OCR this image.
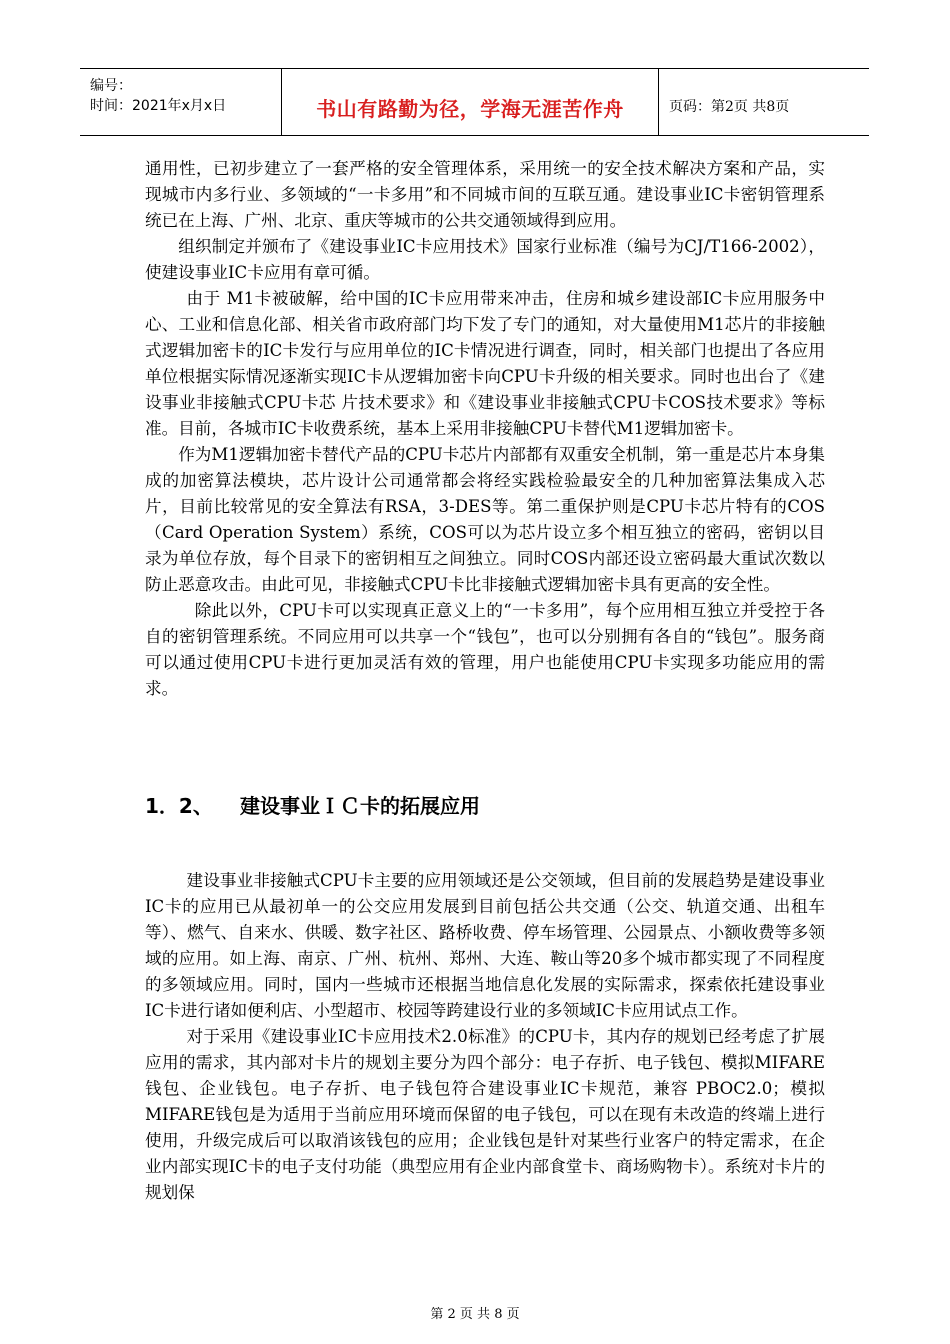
编号：
时间：2021年x月x日	书山有路勤为径，学海无涯苦作舟	页码：第2页 共8页

通用性，已初步建立了一套严格的安全管理体系，采用统一的安全技术解决方案和产品，实现城市内多行业、多领域的“一卡多用”和不同城市间的互联互通。建设事业IC卡密钥管理系统已在上海、广州、北京、重庆等城市的公共交通领域得到应用。

组织制定并颁布了《建设事业IC卡应用技术》国家行业标准（编号为CJ/T166-2002），使建设事业IC卡应用有章可循。

由于 M1卡被破解，给中国的IC卡应用带来冲击，住房和城乡建设部IC卡应用服务中心、工业和信息化部、相关省市政府部门均下发了专门的通知，对大量使用M1芯片的非接触式逻辑加密卡的IC卡发行与应用单位的IC卡情况进行调查，同时，相关部门也提出了各应用单位根据实际情况逐渐实现IC卡从逻辑加密卡向CPU卡升级的相关要求。同时也出台了《建设事业非接触式CPU卡芯 片技术要求》和《建设事业非接触式CPU卡COS技术要求》等标准。目前，各城市IC卡收费系统，基本上采用非接触CPU卡替代M1逻辑加密卡。

作为M1逻辑加密卡替代产品的CPU卡芯片内部都有双重安全机制，第一重是芯片本身集成的加密算法模块，芯片设计公司通常都会将经实践检验最安全的几种加密算法集成入芯片，目前比较常见的安全算法有RSA，3-DES等。第二重保护则是CPU卡芯片特有的COS（Card Operation System）系统，COS可以为芯片设立多个相互独立的密码，密钥以目录为单位存放，每个目录下的密钥相互之间独立。同时COS内部还设立密码最大重试次数以防止恶意攻击。由此可见，非接触式CPU卡比非接触式逻辑加密卡具有更高的安全性。

除此以外，CPU卡可以实现真正意义上的“一卡多用”，每个应用相互独立并受控于各自的密钥管理系统。不同应用可以共享一个“钱包”，也可以分别拥有各自的“钱包”。服务商可以通过使用CPU卡进行更加灵活有效的管理，用户也能使用CPU卡实现多功能应用的需求。

1．2、 建设事业ＩＣ卡的拓展应用

建设事业非接触式CPU卡主要的应用领域还是公交领域，但目前的发展趋势是建设事业IC卡的应用已从最初单一的公交应用发展到目前包括公共交通（公交、轨道交通、出租车等）、燃气、自来水、供暖、数字社区、路桥收费、停车场管理、公园景点、小额收费等多领域的应用。如上海、南京、广州、杭州、郑州、大连、鞍山等20多个城市都实现了不同程度的多领域应用。同时，国内一些城市还根据当地信息化发展的实际需求，探索依托建设事业IC卡进行诸如便利店、小型超市、校园等跨建设行业的多领域IC卡应用试点工作。

对于采用《建设事业IC卡应用技术2.0标准》的CPU卡，其内存的规划已经考虑了扩展应用的需求，其内部对卡片的规划主要分为四个部分：电子存折、电子钱包、模拟MIFARE钱包、企业钱包。电子存折、电子钱包符合建设事业IC卡规范，兼容 PBOC2.0；模拟MIFARE钱包是为适用于当前应用环境而保留的电子钱包，可以在现有未改造的终端上进行使用，升级完成后可以取消该钱包的应用；企业钱包是针对某些行业客户的特定需求，在企业内部实现IC卡的电子支付功能（典型应用有企业内部食堂卡、商场购物卡）。系统对卡片的规划保

第 2 页 共 8 页
